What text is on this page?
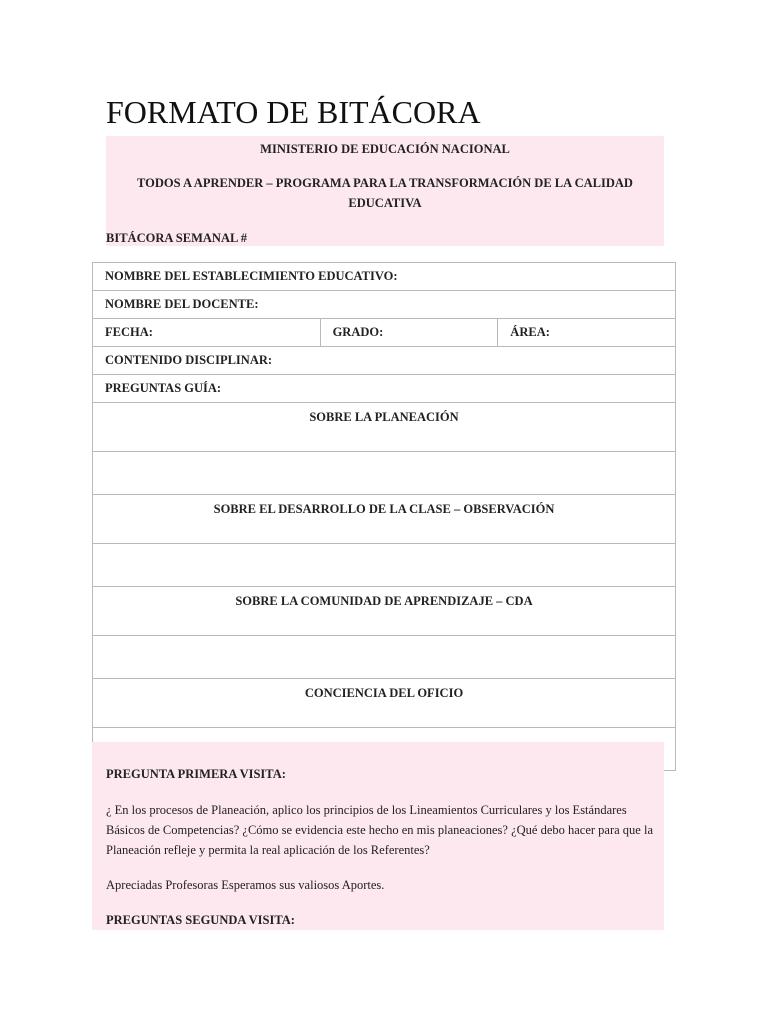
FORMATO DE BITÁCORA
MINISTERIO DE EDUCACIÓN NACIONAL
TODOS A APRENDER – PROGRAMA PARA LA TRANSFORMACIÓN DE LA CALIDAD EDUCATIVA
BITÁCORA SEMANAL #
NOMBRE DEL ESTABLECIMIENTO EDUCATIVO:
NOMBRE DEL DOCENTE:
FECHA:	GRADO:	ÁREA:
CONTENIDO DISCIPLINAR:
PREGUNTAS GUÍA:
SOBRE LA PLANEACIÓN

SOBRE EL DESARROLLO DE LA CLASE – OBSERVACIÓN

SOBRE LA COMUNIDAD DE APRENDIZAJE – CDA

CONCIENCIA DEL OFICIO

PREGUNTA PRIMERA VISITA:
¿ En los procesos de Planeación, aplico los principios de los Lineamientos Curriculares y los Estándares Básicos de Competencias? ¿Cómo se evidencia este hecho en mis planeaciones? ¿Qué debo hacer para que la Planeación refleje y permita la real aplicación de los Referentes?
Apreciadas Profesoras Esperamos sus valiosos Aportes.
PREGUNTAS SEGUNDA VISITA:
